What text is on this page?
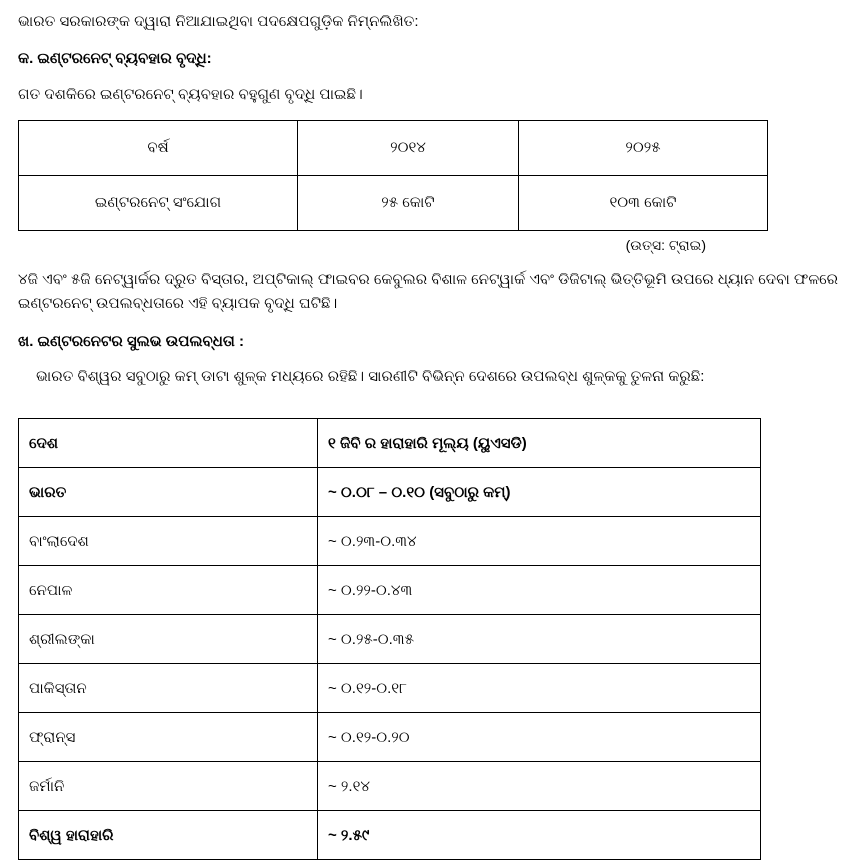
ଭାରତ ସରକାରଙ୍କ ଦ୍ୱାରା ନିଆଯାଇଥିବା ପଦକ୍ଷେପଗୁଡ଼ିକ ନିମ୍ନଲିଖିତ:

କ. ଇଣ୍ଟରନେଟ୍ ବ୍ୟବହାର ବୃଦ୍ଧି:

ଗତ ଦଶକିରେ ଇଣ୍ଟରନେଟ୍ ବ୍ୟବହାର ବହୁଗୁଣ ବୃଦ୍ଧି ପାଇଛି।

ବର୍ଷ	୨୦୧୪	୨୦୨୫
ଇଣ୍ଟରନେଟ୍ ସଂଯୋଗ	୨୫ କୋଟି	୧୦୩ କୋଟି

(ଉତ୍ସ: ଟ୍ରାଇ)

୪ଜି ଏବଂ ୫ଜି ନେଟ୍‌ୱାର୍କର ଦ୍ରୁତ ବିସ୍ତାର, ଅପ୍ଟିକାଲ୍ ଫାଇବର କେବୁଲର ବିଶାଳ ନେଟ୍‌ୱାର୍କ ଏବଂ ଡିଜିଟାଲ୍ ଭିତ୍ତିଭୂମି ଉପରେ ଧ୍ୟାନ ଦେବା ଫଳରେ ଇଣ୍ଟରନେଟ୍ ଉପଲବ୍ଧତାରେ ଏହି ବ୍ୟାପକ ବୃଦ୍ଧି ଘଟିଛି।

ଖ. ଇଣ୍ଟରନେଟର ସୁଲଭ ଉପଲବ୍ଧତା :

ଭାରତ ବିଶ୍ୱର ସବୁଠାରୁ କମ୍ ଡାଟା ଶୁଳ୍କ ମଧ୍ୟରେ ରହିଛି। ସାରଣୀଟି ବିଭିନ୍ନ ଦେଶରେ ଉପଲବ୍ଧ ଶୁଳ୍କକୁ ତୁଳନା କରୁଛି:

ଦେଶ	୧ ଜିବି ର ହାରାହାରି ମୂଲ୍ୟ (ୟୁଏସଡି)
ଭାରତ	~ ୦.୦୮ – ୦.୧୦ (ସବୁଠାରୁ କମ୍)
ବାଂଲାଦେଶ	~ ୦.୨୩-୦.୩୪
ନେପାଳ	~ ୦.୨୨-୦.୪୩
ଶ୍ରୀଲଙ୍କା	~ ୦.୨୫-୦.୩୫
ପାକିସ୍ତାନ	~ ୦.୧୨-୦.୧୮
ଫ୍ରାନ୍ସ	~ ୦.୧୨-୦.୨୦
ଜର୍ମାନି	~ ୨.୧୪
ବିଶ୍ୱ ହାରାହାରି	~ ୨.୫୯
